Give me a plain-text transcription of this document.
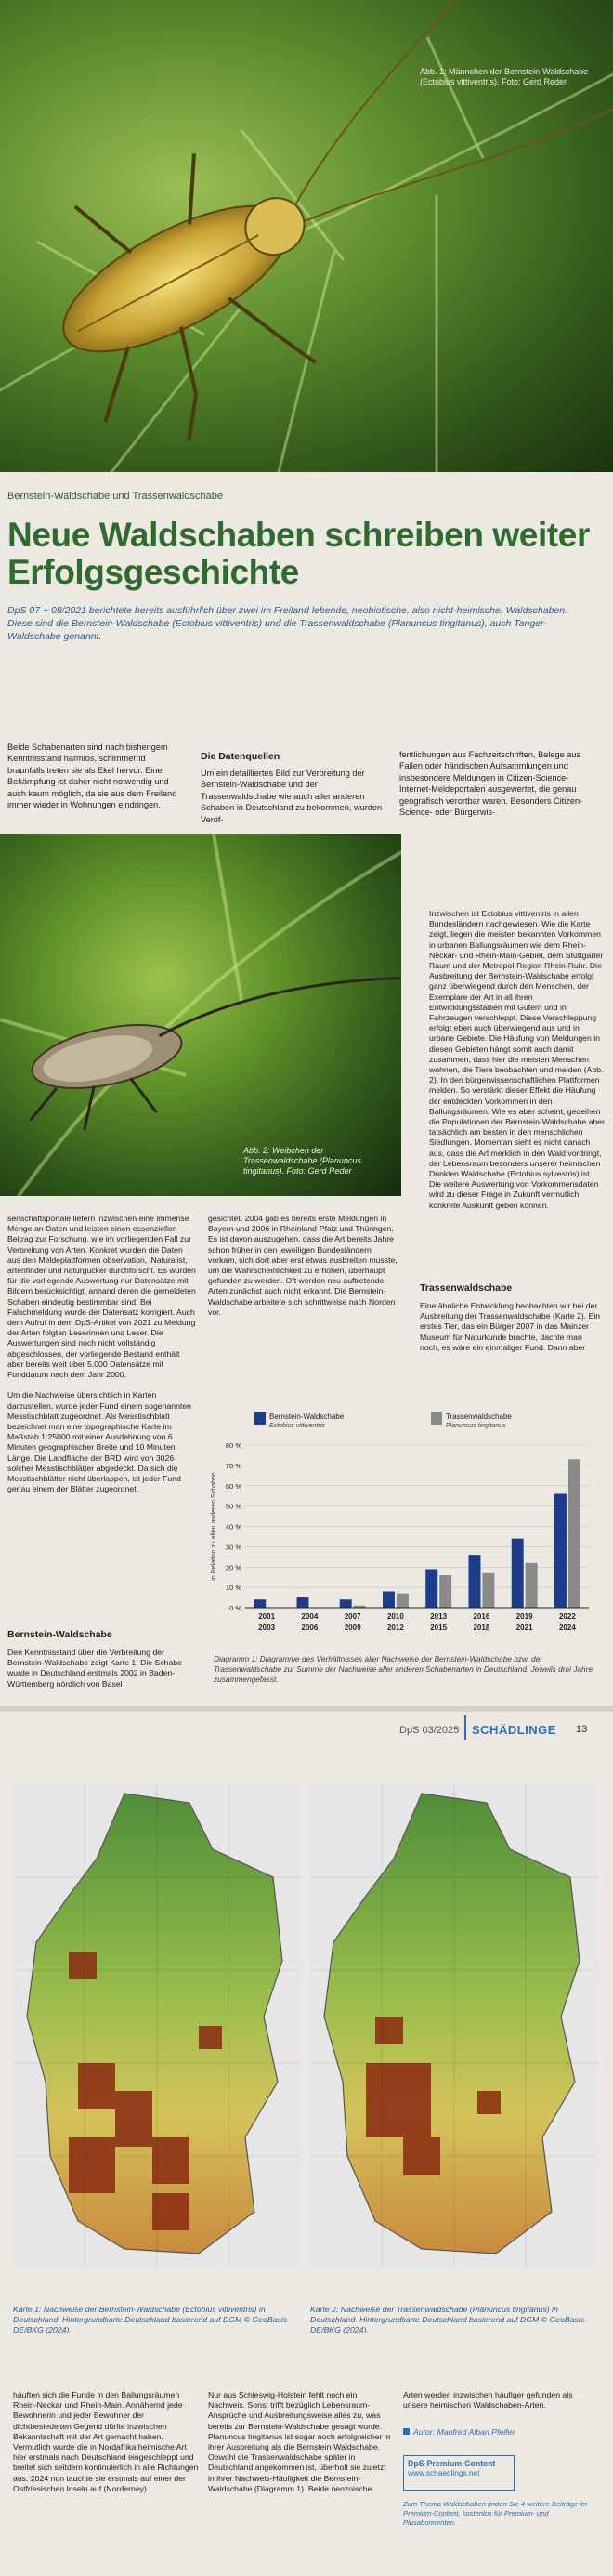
Abb. 1: Männchen der Bernstein-Waldschabe (Ectobius vittiventris). Foto: Gerd Reder
Bernstein-Waldschabe und Trassenwaldschabe
Neue Waldschaben schreiben weiter Erfolgsgeschichte

DpS 07 + 08/2021 berichtete bereits ausführlich über zwei im Freiland lebende, neobiotische, also nicht-heimische, Waldschaben. Diese sind die Bernstein-Waldschabe (Ectobius vittiventris) und die Trassenwaldschabe (Planuncus tingitanus), auch Tanger-Waldschabe genannt.

Beide Schabenarten sind nach bisherigem Kenntnisstand harmlos, schimmernd braunfalls treten sie als Ekel hervor. Eine Bekämpfung ist daher nicht notwendig und auch kaum möglich, da sie aus dem Freiland immer wieder in Wohnungen eindringen.

Die Datenquellen

Um ein detailliertes Bild zur Verbreitung der Bernstein-Waldschabe und der Trassenwaldschabe wie auch aller anderen Schaben in Deutschland zu bekommen, wurden Veröf-

fentlichungen aus Fachzeitschriften, Belege aus Fallen oder händischen Aufsammlungen und insbesondere Meldungen in Citizen-Science-Internet-Meldeportalen ausgewertet, die genau geografisch verortbar waren. Besonders Citizen-Science- oder Bürgerwis-

Abb. 2: Weibchen der Trassenwaldschabe (Planuncus tingitanus). Foto: Gerd Reder

Inzwischen ist Ectobius vittiventris in allen Bundesländern nachgewiesen. Wie die Karte zeigt, liegen die meisten bekannten Vorkommen in urbanen Ballungsräumen wie dem Rhein-Neckar- und Rhein-Main-Gebiet, dem Stuttgarter Raum und der Metropol-Region Rhein-Ruhr. Die Ausbreitung der Bernstein-Waldschabe erfolgt ganz überwiegend durch den Menschen, der Exemplare der Art in all ihren Entwicklungsstadien mit Gütern und in Fahrzeugen verschleppt. Diese Verschleppung erfolgt eben auch überwiegend aus und in urbane Gebiete. Die Häufung von Meldungen in diesen Gebieten hängt somit auch damit zusammen, dass hier die meisten Menschen wohnen, die Tiere beobachten und melden (Abb. 2). In den bürgerwissenschaftlichen Plattformen melden. So verstärkt dieser Effekt die Häufung der entdeckten Vorkommen in den Ballungsräumen. Wie es aber scheint, gedeihen die Populationen der Bernstein-Waldschabe aber tatsächlich am besten in den menschlichen Siedlungen. Momentan sieht es nicht danach aus, dass die Art merklich in den Wald vordringt, der Lebensraum besonders unserer heimischen Dunklen Waldschabe (Ectobius sylvestris) ist. Die weitere Auswertung von Vorkommensdaten wird zu dieser Frage in Zukunft vermutlich konkrete Auskunft geben können.

senschaftsportale liefern inzwischen eine immense Menge an Daten und leisten einen essenziellen Beitrag zur Forschung, wie im vorliegenden Fall zur Verbreitung von Arten. Konkret wurden die Daten aus den Meldeplattformen observation, iNaturalist, artenfinder und naturgucker durchforscht. Es wurden für die vorliegende Auswertung nur Datensätze mit Bildern berücksichtigt, anhand deren die gemeldeten Schaben eindeutig bestimmbar sind. Bei Falschmeldung wurde der Datensatz korrigiert. Auch dem Aufruf in dem DpS-Artikel von 2021 zu Meldung der Arten folgten Leserinnen und Leser. Die Auswertungen sind noch nicht vollständig abgeschlossen, der vorliegende Bestand enthält aber bereits weit über 5.000 Datensätze mit Funddatum nach dem Jahr 2000.

Um die Nachweise übersichtlich in Karten darzustellen, wurde jeder Fund einem sogenannten Messtischblatt zugeordnet. Als Messtischblatt bezeichnet man eine topographische Karte im Maßstab 1:25000 mit einer Ausdehnung von 6 Minuten geographischer Breite und 10 Minuten Länge. Die Landfläche der BRD wird von 3026 solcher Messtischblätter abgedeckt. Da sich die Messtischblätter nicht überlappen, ist jeder Fund genau einem der Blätter zugeordnet.

Bernstein-Waldschabe

Den Kenntnisstand über die Verbreitung der Bernstein-Waldschabe zeigt Karte 1. Die Schabe wurde in Deutschland erstmals 2002 in Baden-Württemberg nördlich von Basel

gesichtet. 2004 gab es bereits erste Meldungen in Bayern und 2006 in Rheinland-Pfalz und Thüringen. Es ist davon auszugehen, dass die Art bereits Jahre schon früher in den jeweiligen Bundesländern vorkam, sich dort aber erst etwas ausbreiten musste, um die Wahrscheinlichkeit zu erhöhen, überhaupt gefunden zu werden. Oft werden neu auftretende Arten zunächst auch nicht erkannt. Die Bernstein-Waldschabe arbeitete sich schrittweise nach Norden vor.

Trassenwaldschabe

Eine ähnliche Entwicklung beobachten wir bei der Ausbreitung der Trassenwaldschabe (Karte 2). Ein erstes Tier, das ein Bürger 2007 in das Mainzer Museum für Naturkunde brachte, dachte man noch, es wäre ein einmaliger Fund. Dann aber

Bernstein-Waldschabe
Ectobius vittiventris
Trassenwaldschabe
Planuncus tingitanus
0 %
10 %
20 %
30 %
40 %
50 %
60 %
70 %
80 %
in Relation zu allen anderen Schaben
2001
2003
2004
2006
2007
2009
2010
2012
2013
2015
2016
2018
2019
2021
2022
2024

Diagramm 1: Diagramme des Verhältnisses aller Nachweise der Bernstein-Waldschabe bzw. der Trassenwaldschabe zur Summe der Nachweise aller anderen Schabenarten in Deutschland. Jeweils drei Jahre zusammengefasst.

DpS 03/2025 SCHÄDLINGE 13

Karte 1: Nachweise der Bernstein-Waldschabe (Ectobius vittiventris) in Deutschland. Hintergrundkarte Deutschland basierend auf DGM © GeoBasis-DE/BKG (2024).

Karte 2: Nachweise der Trassenwaldschabe (Planuncus tingitanus) in Deutschland. Hintergrundkarte Deutschland basierend auf DGM © GeoBasis-DE/BKG (2024).

häuften sich die Funde in den Ballungsräumen Rhein-Neckar und Rhein-Main. Annähernd jede Bewohnerin und jeder Bewohner der dichtbesiedelten Gegend dürfte inzwischen Bekanntschaft mit der Art gemacht haben. Vermutlich wurde die in Nordafrika heimische Art hier erstmals nach Deutschland eingeschleppt und breitet sich seitdem kontinuierlich in alle Richtungen aus. 2024 nun tauchte sie erstmals auf einer der Ostfriesischen Inseln auf (Norderney).

Nur aus Schleswig-Holstein fehlt noch ein Nachweis. Sonst trifft bezüglich Lebensraum-Ansprüche und Ausbreitungsweise alles zu, was bereits zur Bernstein-Waldschabe gesagt wurde. Planuncus tingitanus ist sogar noch erfolgreicher in ihrer Ausbreitung als die Bernstein-Waldschabe. Obwohl die Trassenwaldschabe später in Deutschland angekommen ist, überholt sie zuletzt in ihrer Nachweis-Häufigkeit die Bernstein-Waldschabe (Diagramm 1). Beide neozoische

Arten werden inzwischen häufiger gefunden als unsere heimischen Waldschaben-Arten.

Autor: Manfred Alban Pfeifer
DpS-Premium-Content
www.schaedlings.net

Zum Thema Waldschaben finden Sie 4 weitere Beiträge im Premium-Content, kostenlos für Premium- und Plusabonnenten.
